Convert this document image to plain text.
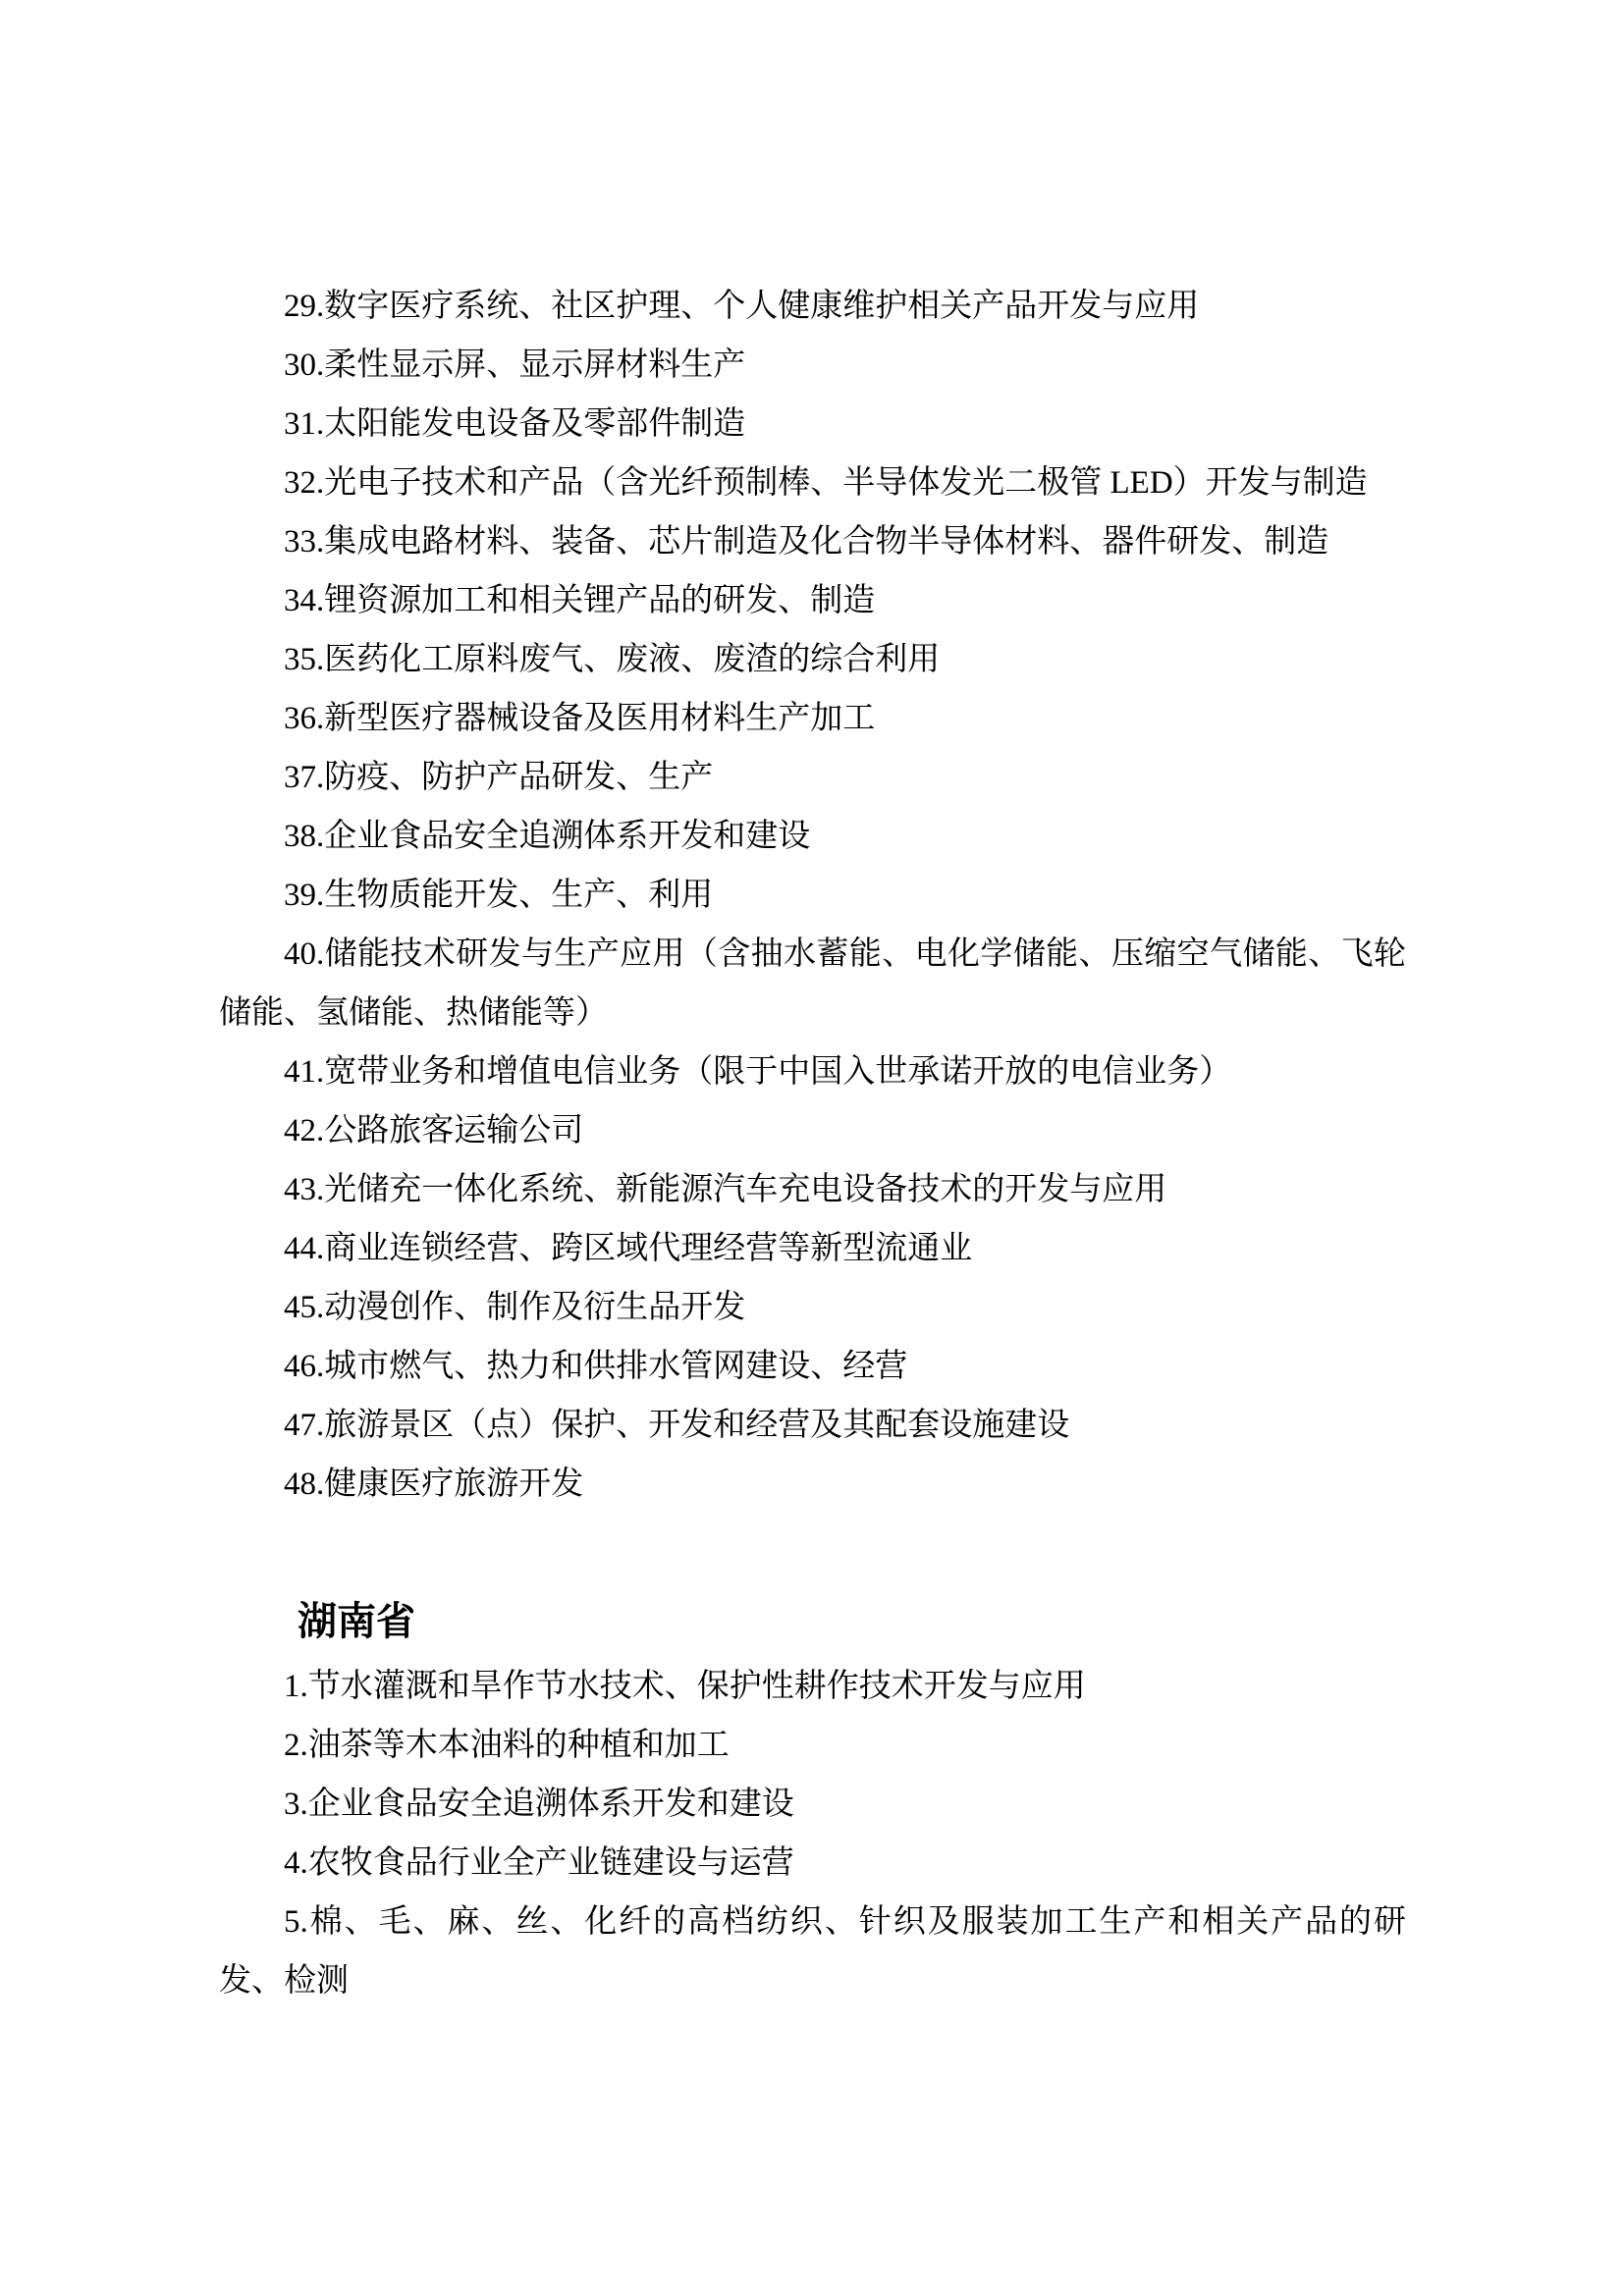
29.数字医疗系统、社区护理、个人健康维护相关产品开发与应用

30.柔性显示屏、显示屏材料生产

31.太阳能发电设备及零部件制造

32.光电子技术和产品（含光纤预制棒、半导体发光二极管 LED）开发与制造

33.集成电路材料、装备、芯片制造及化合物半导体材料、器件研发、制造

34.锂资源加工和相关锂产品的研发、制造

35.医药化工原料废气、废液、废渣的综合利用

36.新型医疗器械设备及医用材料生产加工

37.防疫、防护产品研发、生产

38.企业食品安全追溯体系开发和建设

39.生物质能开发、生产、利用

40.储能技术研发与生产应用（含抽水蓄能、电化学储能、压缩空气储能、飞轮储能、氢储能、热储能等）

41.宽带业务和增值电信业务（限于中国入世承诺开放的电信业务）

42.公路旅客运输公司

43.光储充一体化系统、新能源汽车充电设备技术的开发与应用

44.商业连锁经营、跨区域代理经营等新型流通业

45.动漫创作、制作及衍生品开发

46.城市燃气、热力和供排水管网建设、经营

47.旅游景区（点）保护、开发和经营及其配套设施建设

48.健康医疗旅游开发

湖南省

1.节水灌溉和旱作节水技术、保护性耕作技术开发与应用

2.油茶等木本油料的种植和加工

3.企业食品安全追溯体系开发和建设

4.农牧食品行业全产业链建设与运营

5.棉、毛、麻、丝、化纤的高档纺织、针织及服装加工生产和相关产品的研发、检测
